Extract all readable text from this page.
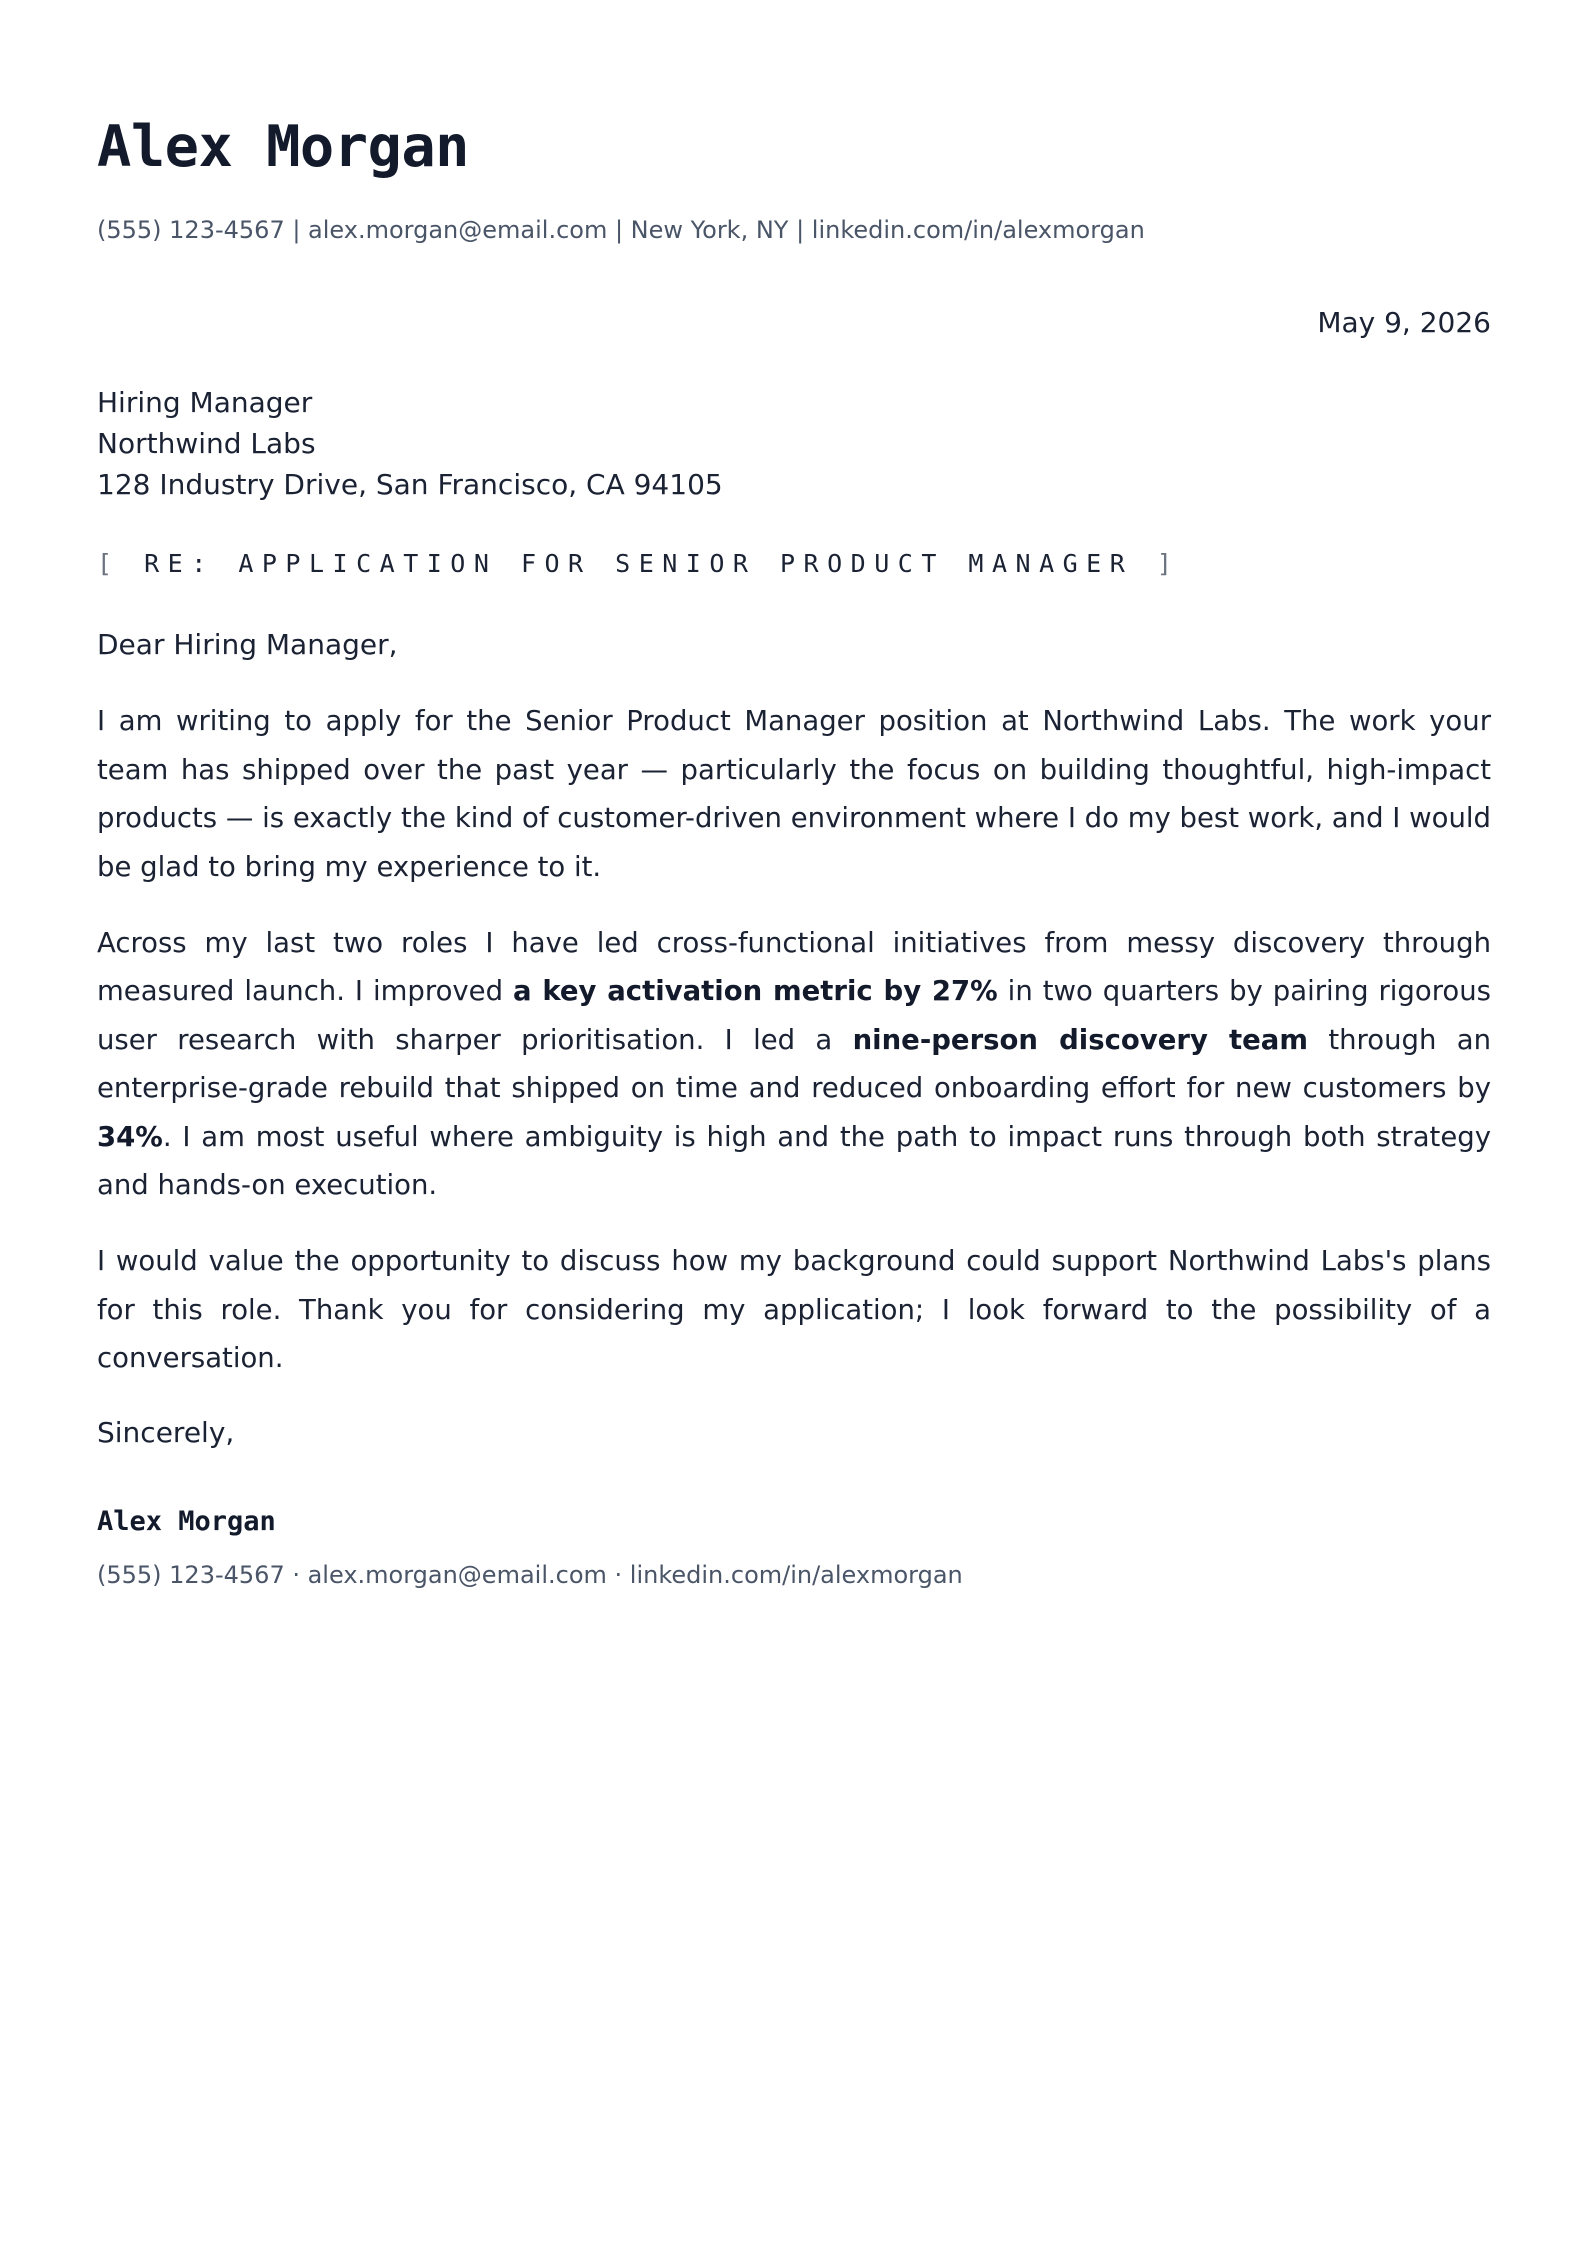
Alex Morgan
(555) 123-4567 | alex.morgan@email.com | New York, NY | linkedin.com/in/alexmorgan
May 9, 2026
Hiring Manager
Northwind Labs
128 Industry Drive, San Francisco, CA 94105
[ RE: APPLICATION FOR SENIOR PRODUCT MANAGER ]
Dear Hiring Manager,

I am writing to apply for the Senior Product Manager position at Northwind Labs. The work your team has shipped over the past year — particularly the focus on building thoughtful, high-impact products — is exactly the kind of customer-driven environment where I do my best work, and I would be glad to bring my experience to it.

Across my last two roles I have led cross-functional initiatives from messy discovery through measured launch. I improved a key activation metric by 27% in two quarters by pairing rigorous user research with sharper prioritisation. I led a nine-person discovery team through an enterprise-grade rebuild that shipped on time and reduced onboarding effort for new customers by 34%. I am most useful where ambiguity is high and the path to impact runs through both strategy and hands-on execution.

I would value the opportunity to discuss how my background could support Northwind Labs's plans for this role. Thank you for considering my application; I look forward to the possibility of a conversation.

Sincerely,
Alex Morgan
(555) 123-4567 · alex.morgan@email.com · linkedin.com/in/alexmorgan
